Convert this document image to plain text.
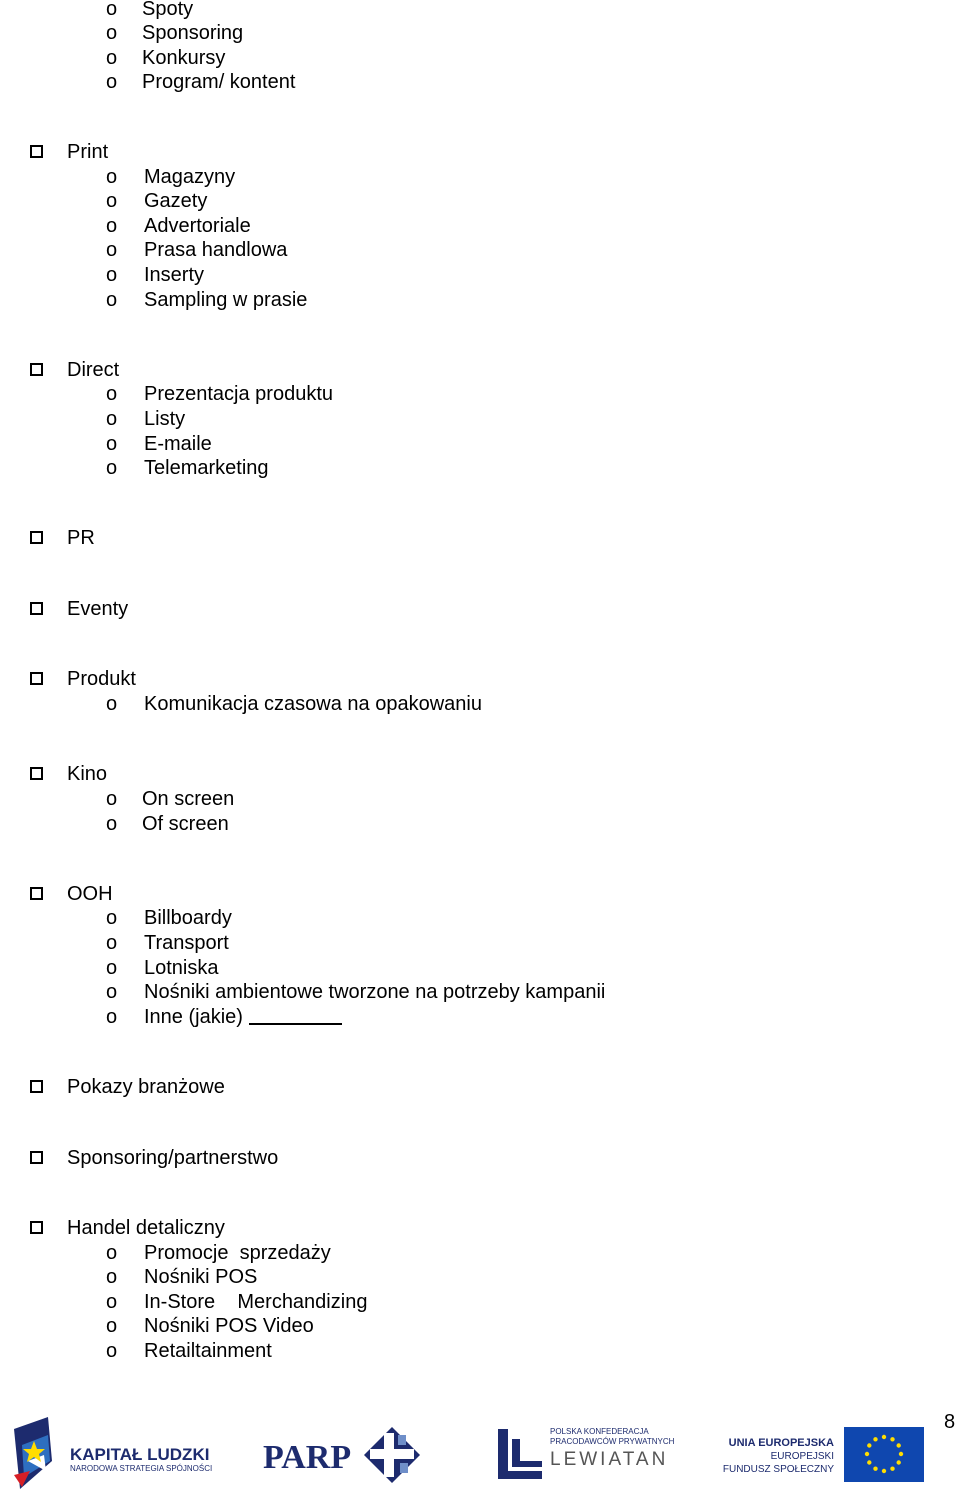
o Spoty
o Sponsoring
o Konkursy
o Program/ kontent
Print
o Magazyny
o Gazety
o Advertoriale
o Prasa handlowa
o Inserty
o Sampling w prasie
Direct
o Prezentacja produktu
o Listy
o E-maile
o Telemarketing
PR
Eventy
Produkt
o Komunikacja czasowa na opakowaniu
Kino
o On screen
o Of screen
OOH
o Billboardy
o Transport
o Lotniska
o Nośniki ambientowe tworzone na potrzeby kampanii
o Inne (jakie)
Pokazy branżowe
Sponsoring/partnerstwo
Handel detaliczny
o Promocje  sprzedaży
o Nośniki POS
o In-Store    Merchandizing
o Nośniki POS Video
o Retailtainment
8
KAPITAŁ LUDZKI
NARODOWA STRATEGIA SPÓJNOŚCI PARP
POLSKA KONFEDERACJA
PRACODAWCÓW PRYWATNYCH
LEWIATAN
UNIA EUROPEJSKA
EUROPEJSKI
FUNDUSZ SPOŁECZNY
